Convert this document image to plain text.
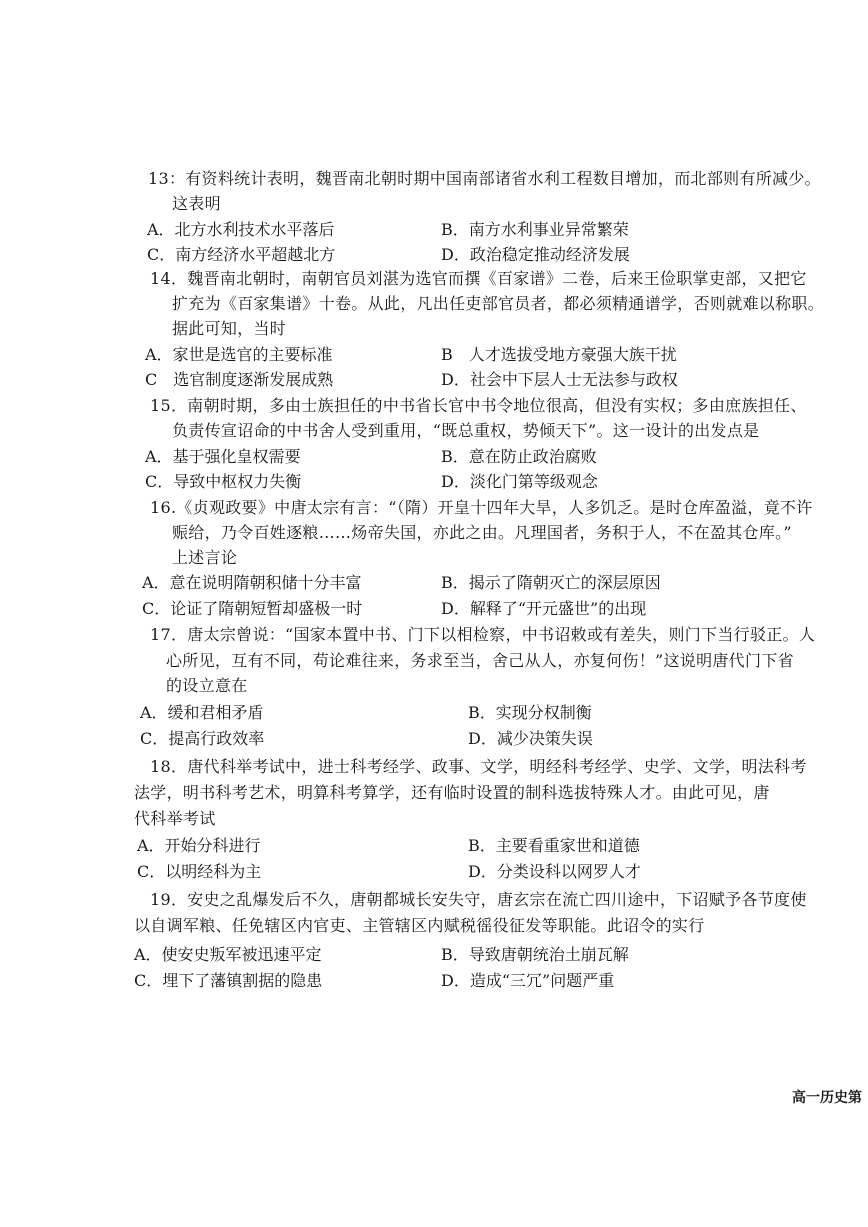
13：有资料统计表明，魏晋南北朝时期中国南部诸省水利工程数目增加，而北部则有所减少。
这表明
A．北方水利技术水平落后	B．南方水利事业异常繁荣
C．南方经济水平超越北方	D．政治稳定推动经济发展
14．魏晋南北朝时，南朝官员刘湛为选官而撰《百家谱》二卷，后来王俭职掌吏部，又把它
扩充为《百家集谱》十卷。从此，凡出任吏部官员者，都必须精通谱学，否则就难以称职。
据此可知，当时
A．家世是选官的主要标准	B　人才选拔受地方豪强大族干扰
C　选官制度逐渐发展成熟	D．社会中下层人士无法参与政权
15．南朝时期，多由士族担任的中书省长官中书令地位很高，但没有实权；多由庶族担任、
负责传宣诏命的中书舍人受到重用，“既总重权，势倾天下”。这一设计的出发点是
A．基于强化皇权需要	B．意在防止政治腐败
C．导致中枢权力失衡	D．淡化门第等级观念
16.《贞观政要》中唐太宗有言：“（隋）开皇十四年大旱，人多饥乏。是时仓库盈溢，竟不许
赈给，乃令百姓逐粮……炀帝失国，亦此之由。凡理国者，务积于人，不在盈其仓库。”
上述言论
A．意在说明隋朝积储十分丰富	B．揭示了隋朝灭亡的深层原因
C．论证了隋朝短暂却盛极一时	D．解释了“开元盛世”的出现
17．唐太宗曾说：“国家本置中书、门下以相检察，中书诏敕或有差失，则门下当行驳正。人
心所见，互有不同，苟论难往来，务求至当，舍己从人，亦复何伤！”这说明唐代门下省
的设立意在
A．缓和君相矛盾	B．实现分权制衡
C．提高行政效率	D．减少决策失误
18．唐代科举考试中，进士科考经学、政事、文学，明经科考经学、史学、文学，明法科考
法学，明书科考艺术，明算科考算学，还有临时设置的制科选拔特殊人才。由此可见，唐
代科举考试
A．开始分科进行	B．主要看重家世和道德
C．以明经科为主	D．分类设科以网罗人才
19．安史之乱爆发后不久，唐朝都城长安失守，唐玄宗在流亡四川途中，下诏赋予各节度使
以自调军粮、任免辖区内官吏、主管辖区内赋税徭役征发等职能。此诏令的实行
A．使安史叛军被迅速平定	B．导致唐朝统治土崩瓦解
C．埋下了藩镇割据的隐患	D．造成“三冗”问题严重
高一历史第
